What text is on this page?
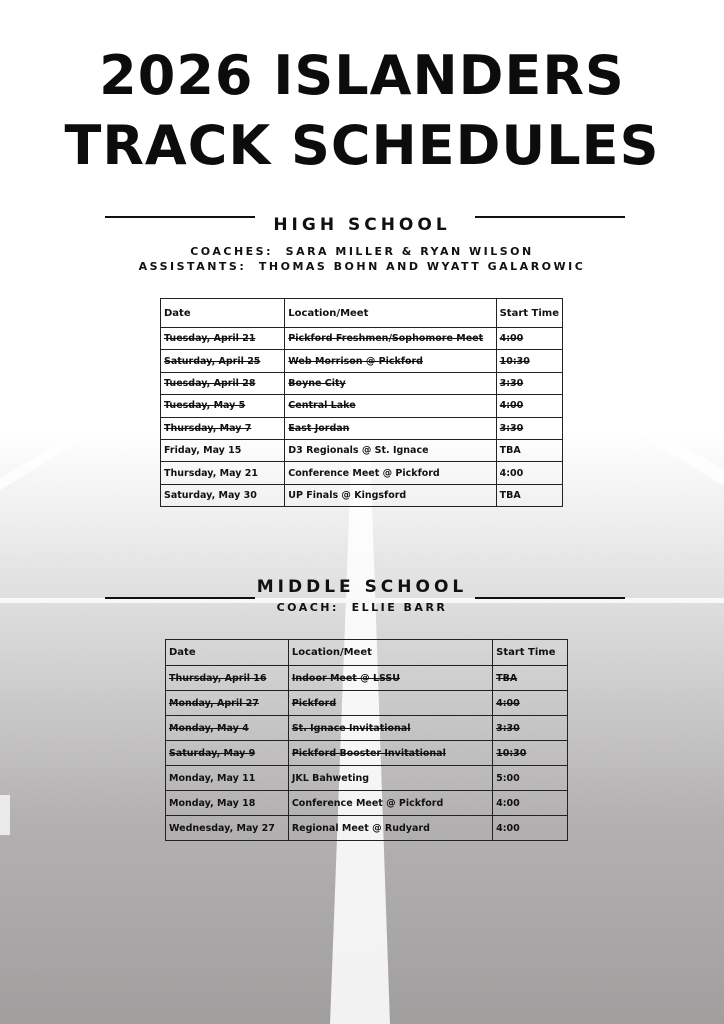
2026 ISLANDERS
TRACK SCHEDULES
HIGH SCHOOL
COACHES:  SARA MILLER & RYAN WILSON
ASSISTANTS:  THOMAS BOHN AND WYATT GALAROWIC
Date	Location/Meet	Start Time
Tuesday, April 21	Pickford Freshmen/Sophomore Meet	4:00
Saturday, April 25	Web Morrison @ Pickford	10:30
Tuesday, April 28	Boyne City	3:30
Tuesday, May 5	Central Lake	4:00
Thursday, May 7	East Jordan	3:30
Friday, May 15	D3 Regionals @ St. Ignace	TBA
Thursday, May 21	Conference Meet @ Pickford	4:00
Saturday, May 30	UP Finals @ Kingsford	TBA
MIDDLE SCHOOL
COACH:  ELLIE BARR
Date	Location/Meet	Start Time
Thursday, April 16	Indoor Meet @ LSSU	TBA
Monday, April 27	Pickford	4:00
Monday, May 4	St. Ignace Invitational	3:30
Saturday, May 9	Pickford Booster Invitational	10:30
Monday, May 11	JKL Bahweting	5:00
Monday, May 18	Conference Meet @ Pickford	4:00
Wednesday, May 27	Regional Meet @ Rudyard	4:00
